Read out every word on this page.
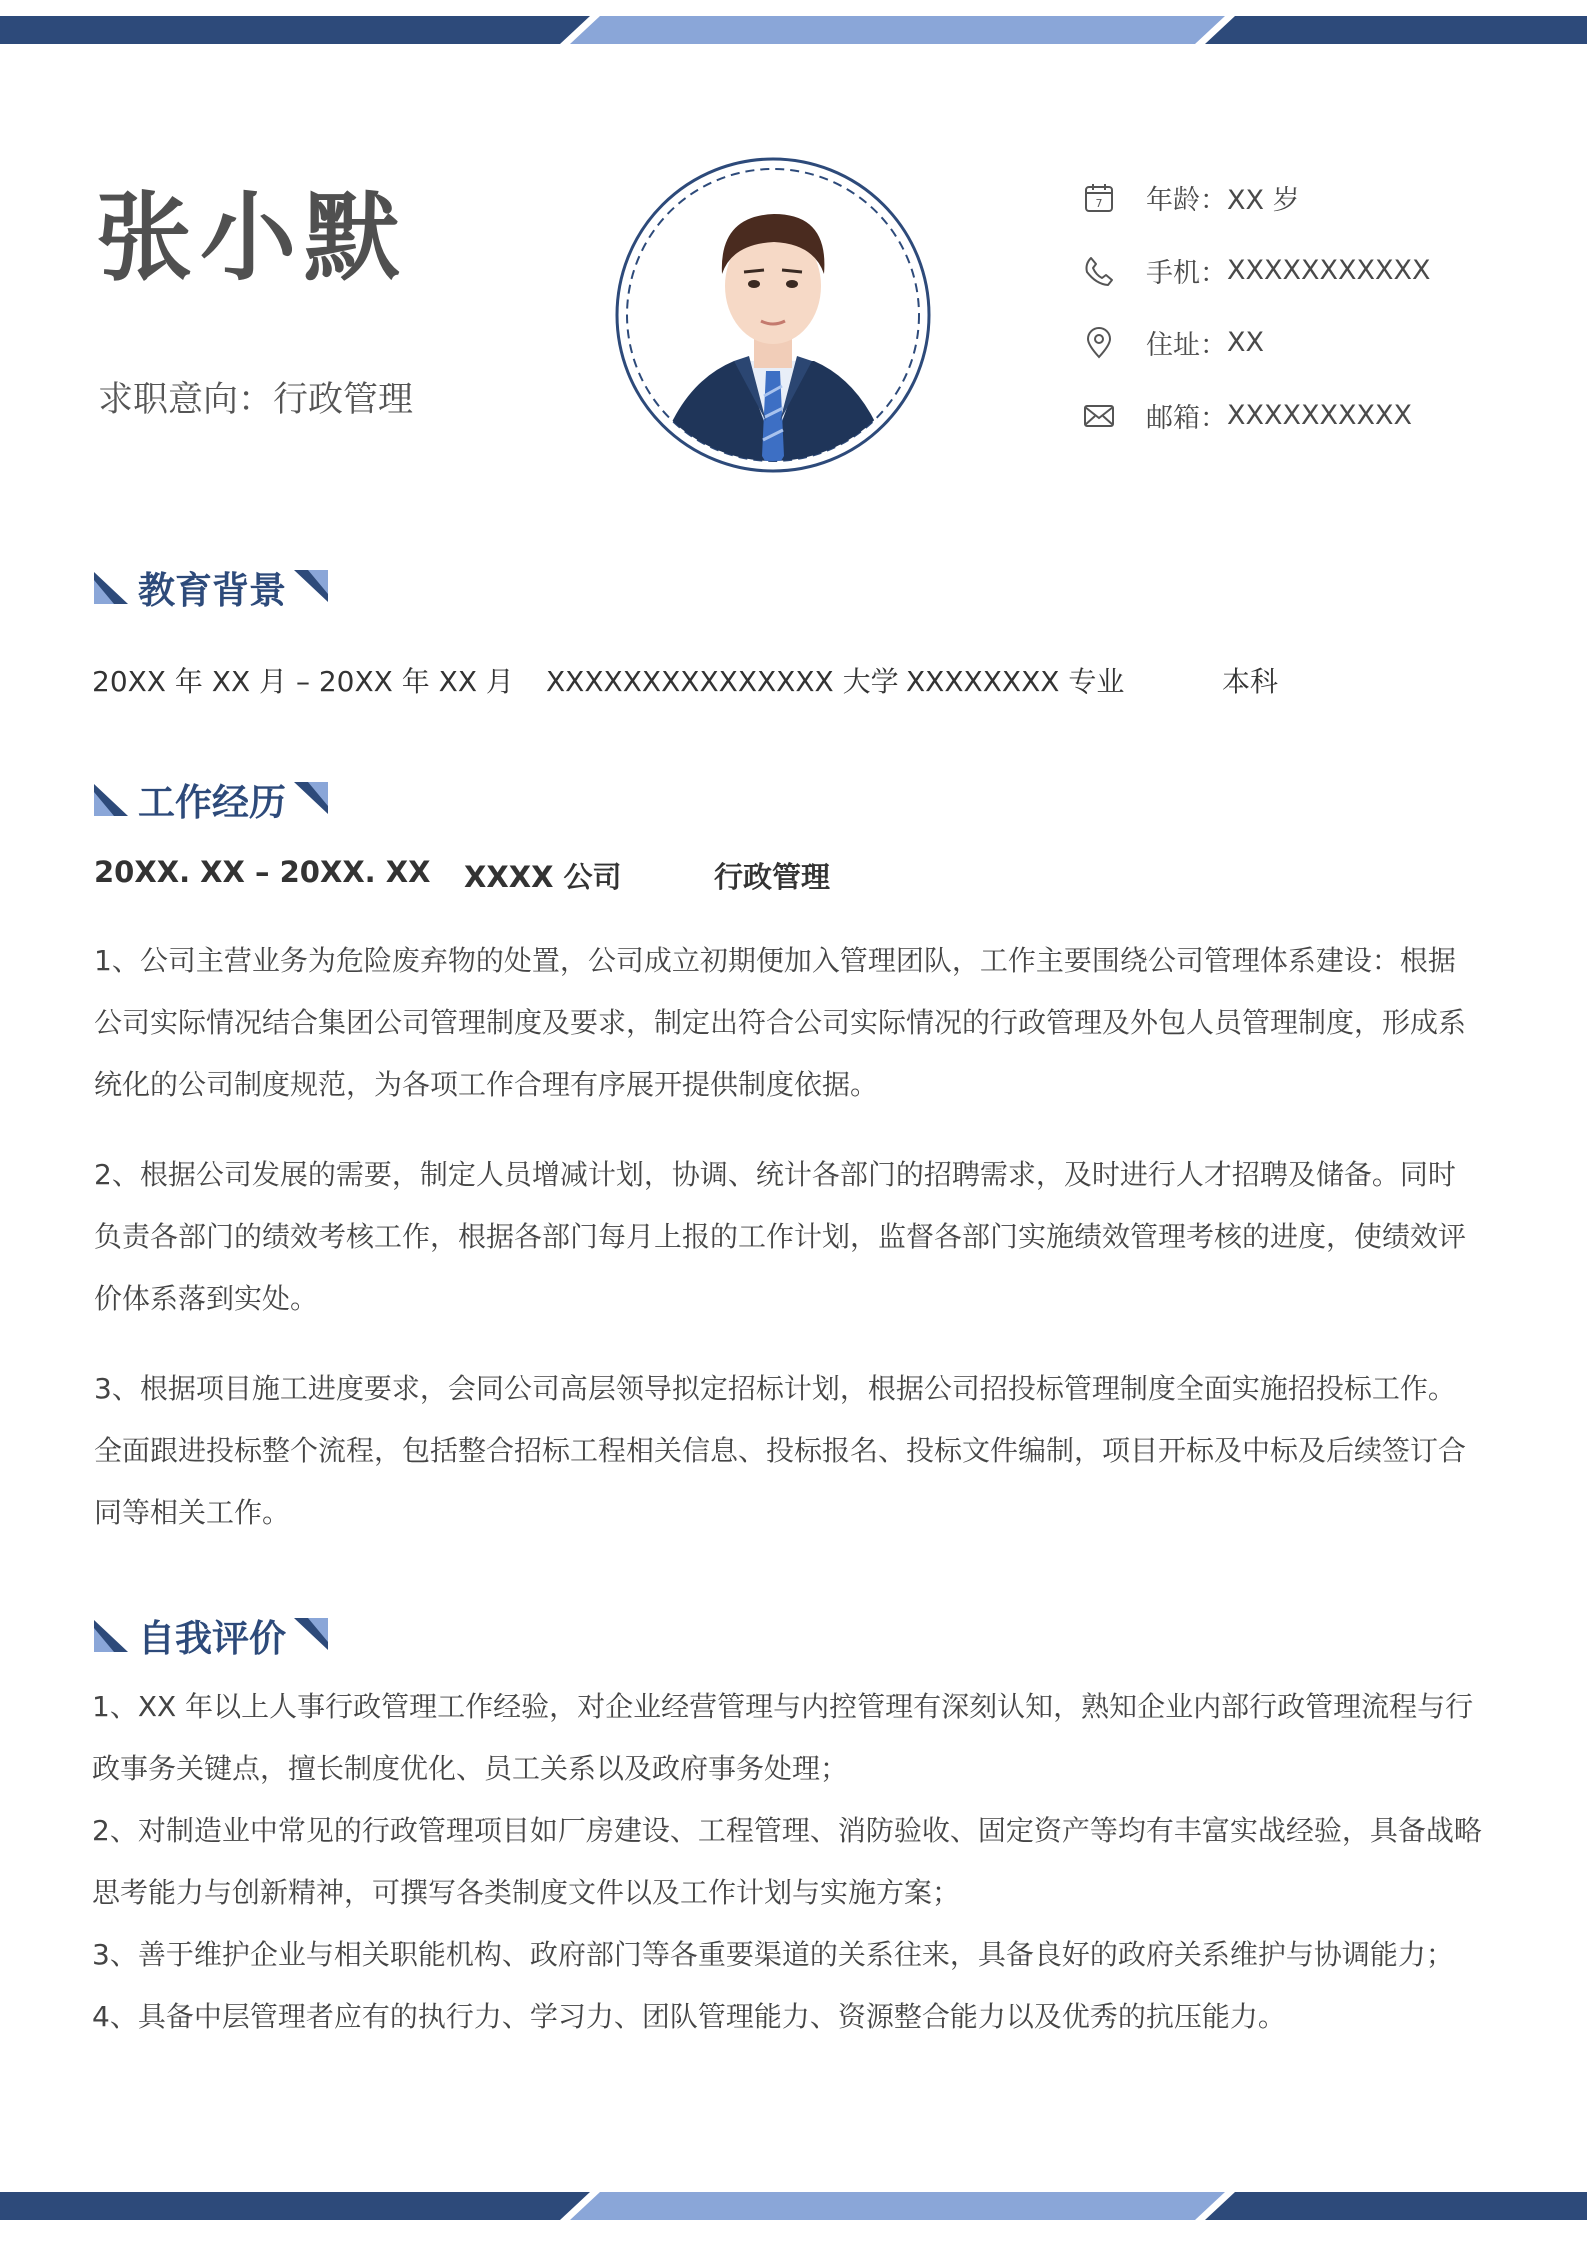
张小默
求职意向：行政管理
7 年龄： XX 岁
手机： XXXXXXXXXXX
住址： XX
邮箱： XXXXXXXXXX
教育背景
20XX 年 XX 月 – 20XX 年 XX 月 XXXXXXXXXXXXXXX 大学 XXXXXXXX 专业	本科
工作经历
20XX. XX – 20XX. XX XXXX 公司	行政管理

1、公司主营业务为危险废弃物的处置，公司成立初期便加入管理团队，工作主要围绕公司管理体系建设：根据公司实际情况结合集团公司管理制度及要求，制定出符合公司实际情况的行政管理及外包人员管理制度，形成系统化的公司制度规范，为各项工作合理有序展开提供制度依据。

2、根据公司发展的需要，制定人员增减计划，协调、统计各部门的招聘需求，及时进行人才招聘及储备。同时负责各部门的绩效考核工作，根据各部门每月上报的工作计划，监督各部门实施绩效管理考核的进度，使绩效评价体系落到实处。

3、根据项目施工进度要求，会同公司高层领导拟定招标计划，根据公司招投标管理制度全面实施招投标工作。全面跟进投标整个流程，包括整合招标工程相关信息、投标报名、投标文件编制，项目开标及中标及后续签订合同等相关工作。

自我评价

1、XX 年以上人事行政管理工作经验，对企业经营管理与内控管理有深刻认知，熟知企业内部行政管理流程与行政事务关键点，擅长制度优化、员工关系以及政府事务处理；

2、对制造业中常见的行政管理项目如厂房建设、工程管理、消防验收、固定资产等均有丰富实战经验，具备战略思考能力与创新精神，可撰写各类制度文件以及工作计划与实施方案；

3、善于维护企业与相关职能机构、政府部门等各重要渠道的关系往来，具备良好的政府关系维护与协调能力；

4、具备中层管理者应有的执行力、学习力、团队管理能力、资源整合能力以及优秀的抗压能力。
